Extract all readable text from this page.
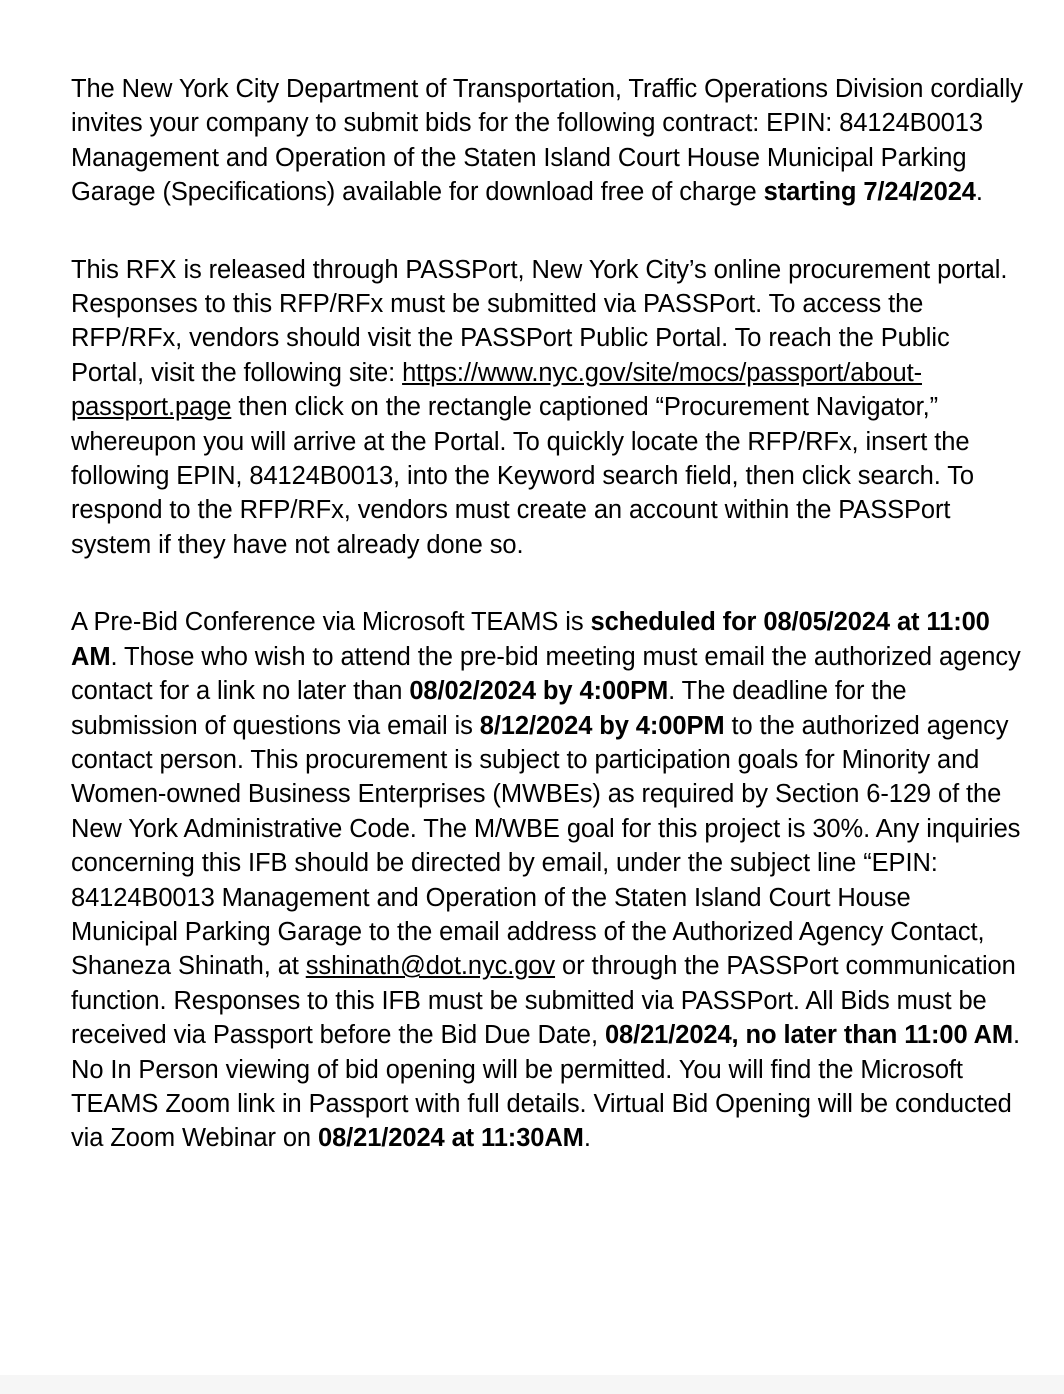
The New York City Department of Transportation, Traffic Operations Division cordially invites your company to submit bids for the following contract: EPIN: 84124B0013 Management and Operation of the Staten Island Court House Municipal Parking Garage (Specifications) available for download free of charge starting 7/24/2024.

This RFX is released through PASSPort, New York City’s online procurement portal. Responses to this RFP/RFx must be submitted via PASSPort. To access the RFP/RFx, vendors should visit the PASSPort Public Portal. To reach the Public Portal, visit the following site: https://www.nyc.gov/site/mocs/passport/about-passport.page then click on the rectangle captioned “Procurement Navigator,” whereupon you will arrive at the Portal. To quickly locate the RFP/RFx, insert the following EPIN, 84124B0013, into the Keyword search field, then click search. To respond to the RFP/RFx, vendors must create an account within the PASSPort system if they have not already done so.

A Pre-Bid Conference via Microsoft TEAMS is scheduled for 08/05/2024 at 11:00 AM. Those who wish to attend the pre-bid meeting must email the authorized agency contact for a link no later than 08/02/2024 by 4:00PM. The deadline for the submission of questions via email is 8/12/2024 by 4:00PM to the authorized agency contact person. This procurement is subject to participation goals for Minority and Women-owned Business Enterprises (MWBEs) as required by Section 6-129 of the New York Administrative Code. The M/WBE goal for this project is 30%. Any inquiries concerning this IFB should be directed by email, under the subject line “EPIN: 84124B0013 Management and Operation of the Staten Island Court House Municipal Parking Garage to the email address of the Authorized Agency Contact, Shaneza Shinath, at sshinath@dot.nyc.gov or through the PASSPort communication function. Responses to this IFB must be submitted via PASSPort. All Bids must be received via Passport before the Bid Due Date, 08/21/2024, no later than 11:00 AM. No In Person viewing of bid opening will be permitted. You will find the Microsoft TEAMS Zoom link in Passport with full details. Virtual Bid Opening will be conducted via Zoom Webinar on 08/21/2024 at 11:30AM.
